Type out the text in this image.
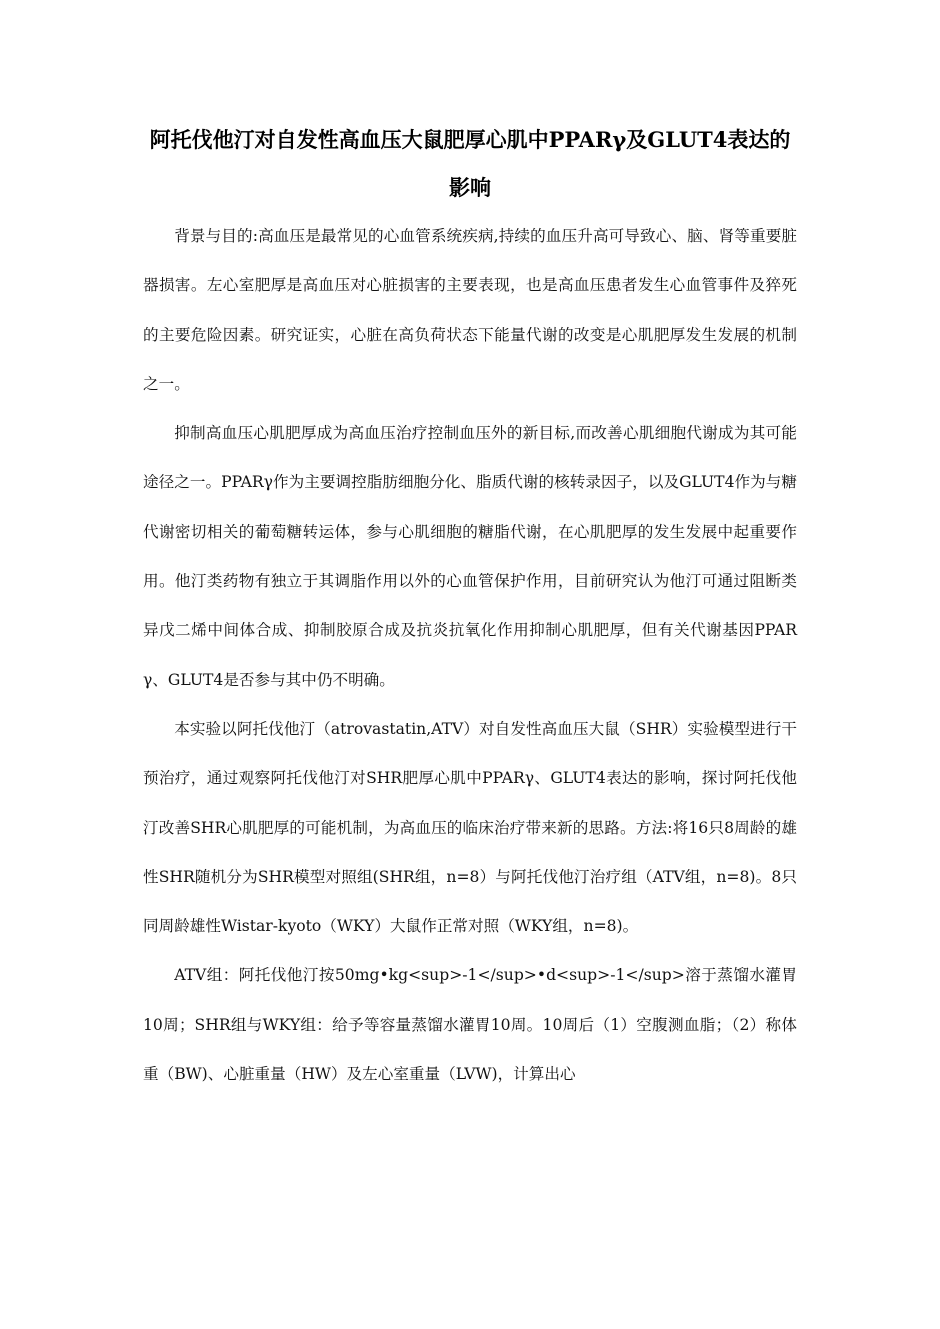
阿托伐他汀对自发性高血压大鼠肥厚心肌中PPARγ及GLUT4表达的影响

背景与目的:高血压是最常见的心血管系统疾病,持续的血压升高可导致心、脑、肾等重要脏器损害。左心室肥厚是高血压对心脏损害的主要表现，也是高血压患者发生心血管事件及猝死的主要危险因素。研究证实，心脏在高负荷状态下能量代谢的改变是心肌肥厚发生发展的机制之一。

抑制高血压心肌肥厚成为高血压治疗控制血压外的新目标,而改善心肌细胞代谢成为其可能途径之一。PPARγ作为主要调控脂肪细胞分化、脂质代谢的核转录因子，以及GLUT4作为与糖代谢密切相关的葡萄糖转运体，参与心肌细胞的糖脂代谢，在心肌肥厚的发生发展中起重要作用。他汀类药物有独立于其调脂作用以外的心血管保护作用，目前研究认为他汀可通过阻断类异戊二烯中间体合成、抑制胶原合成及抗炎抗氧化作用抑制心肌肥厚，但有关代谢基因PPARγ、GLUT4是否参与其中仍不明确。

本实验以阿托伐他汀（atrovastatin,ATV）对自发性高血压大鼠（SHR）实验模型进行干预治疗，通过观察阿托伐他汀对SHR肥厚心肌中PPARγ、GLUT4表达的影响，探讨阿托伐他汀改善SHR心肌肥厚的可能机制，为高血压的临床治疗带来新的思路。方法:将16只8周龄的雄性SHR随机分为SHR模型对照组(SHR组，n=8）与阿托伐他汀治疗组（ATV组，n=8)。8只同周龄雄性Wistar-kyoto（WKY）大鼠作正常对照（WKY组，n=8)。

ATV组：阿托伐他汀按50mg•kg<sup>-1</sup>•d<sup>-1</sup>溶于蒸馏水灌胃10周；SHR组与WKY组：给予等容量蒸馏水灌胃10周。10周后（1）空腹测血脂；（2）称体重（BW)、心脏重量（HW）及左心室重量（LVW)，计算出心
